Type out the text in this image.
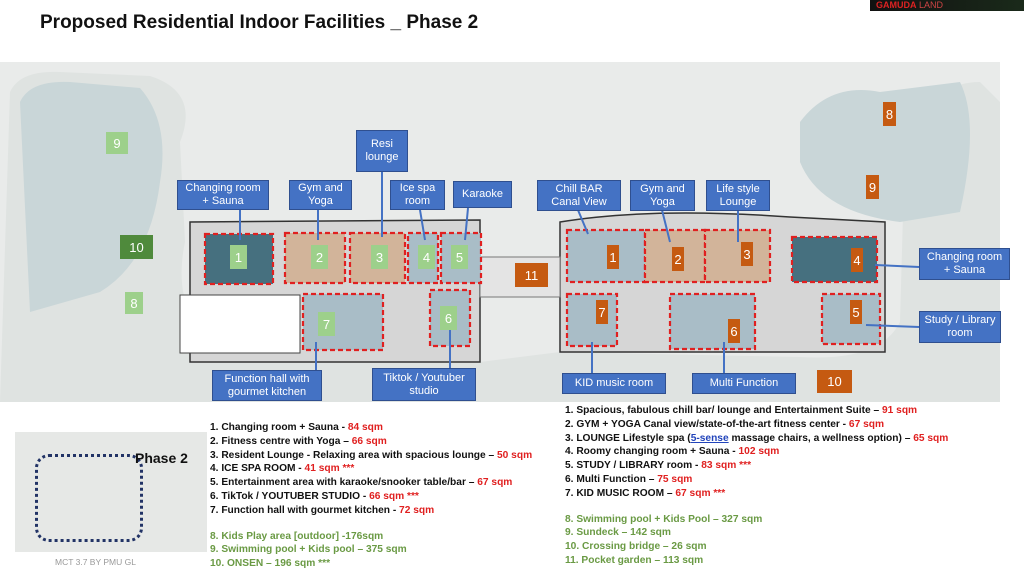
Proposed Residential Indoor Facilities _ Phase 2
GAMUDA LAND
Changing room + Sauna
Gym and Yoga
Resi lounge
Ice spa room
Karaoke
Function hall with gourmet kitchen
Tiktok / Youtuber studio
Chill BAR Canal View
Gym and Yoga
Life style Lounge
Changing room + Sauna
Study / Library room
KID music room	Multi Function
1	2	3	4	5
6
7
8
9
10
1	2	3	4
5
6
7
8
9
10
11
Phase 2
MCT 3.7 BY PMU GL
1. Changing room + Sauna - 84 sqm
2. Fitness centre with Yoga – 66 sqm
3. Resident Lounge - Relaxing area with spacious lounge – 50 sqm
4. ICE SPA ROOM - 41 sqm ***
5. Entertainment area with karaoke/snooker table/bar – 67 sqm
6. TikTok / YOUTUBER STUDIO - 66 sqm ***
7. Function hall with gourmet kitchen - 72 sqm
8. Kids Play area [outdoor] -176sqm
9. Swimming pool + Kids pool – 375 sqm
10. ONSEN – 196 sqm ***
1. Spacious, fabulous chill bar/ lounge and Entertainment Suite – 91 sqm
2. GYM + YOGA Canal view/state-of-the-art fitness center - 67 sqm
3. LOUNGE Lifestyle spa (5-sense massage chairs, a wellness option) – 65 sqm
4. Roomy changing room + Sauna - 102 sqm
5. STUDY / LIBRARY room - 83 sqm ***
6. Multi Function – 75 sqm
7. KID MUSIC ROOM – 67 sqm ***
8. Swimming pool + Kids Pool – 327 sqm
9. Sundeck – 142 sqm
10. Crossing bridge – 26 sqm
11. Pocket garden – 113 sqm
